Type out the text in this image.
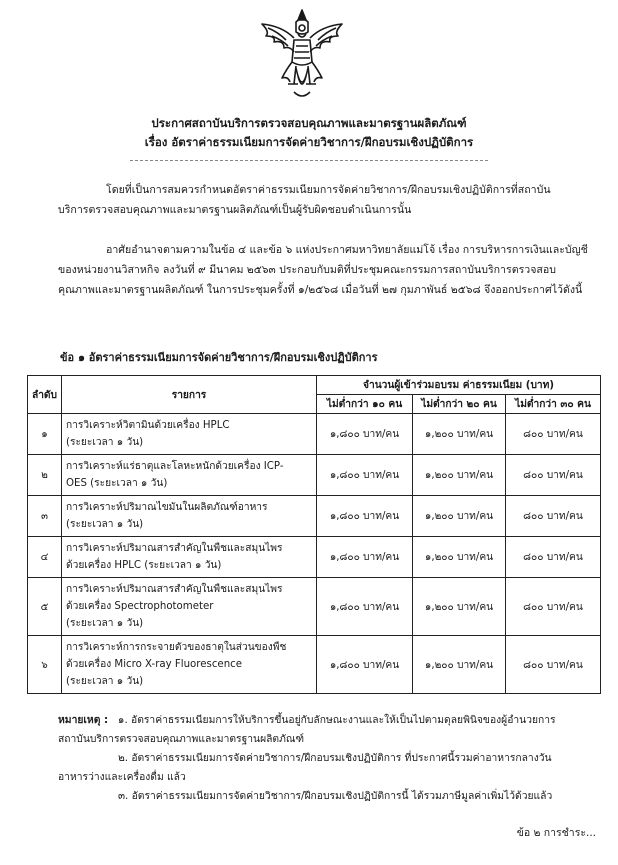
ประกาศสถาบันบริการตรวจสอบคุณภาพและมาตรฐานผลิตภัณฑ์
เรื่อง อัตราค่าธรรมเนียมการจัดค่ายวิชาการ/ฝึกอบรมเชิงปฏิบัติการ
โดยที่เป็นการสมควรกำหนดอัตราค่าธรรมเนียมการจัดค่ายวิชาการ/ฝึกอบรมเชิงปฏิบัติการที่สถาบันบริการตรวจสอบคุณภาพและมาตรฐานผลิตภัณฑ์เป็นผู้รับผิดชอบดำเนินการนั้น
อาศัยอำนาจตามความในข้อ ๔ และข้อ ๖ แห่งประกาศมหาวิทยาลัยแม่โจ้ เรื่อง การบริหารการเงินและบัญชีของหน่วยงานวิสาหกิจ ลงวันที่ ๙ มีนาคม ๒๕๖๓ ประกอบกับมติที่ประชุมคณะกรรมการสถาบันบริการตรวจสอบคุณภาพและมาตรฐานผลิตภัณฑ์ ในการประชุมครั้งที่ ๑/๒๕๖๘ เมื่อวันที่ ๒๗ กุมภาพันธ์ ๒๕๖๘ จึงออกประกาศไว้ดังนี้
ข้อ ๑ อัตราค่าธรรมเนียมการจัดค่ายวิชาการ/ฝึกอบรมเชิงปฏิบัติการ
ลำดับ	รายการ	จำนวนผู้เข้าร่วมอบรม ค่าธรรมเนียม (บาท)		
		ไม่ต่ำกว่า ๑๐ คน	ไม่ต่ำกว่า ๒๐ คน	ไม่ต่ำกว่า ๓๐ คน
๑	การวิเคราะห์วิตามินด้วยเครื่อง HPLC
(ระยะเวลา ๑ วัน)	๑,๘๐๐ บาท/คน	๑,๒๐๐ บาท/คน	๘๐๐ บาท/คน
๒	การวิเคราะห์แร่ธาตุและโลหะหนักด้วยเครื่อง ICP-
OES (ระยะเวลา ๑ วัน)	๑,๘๐๐ บาท/คน	๑,๒๐๐ บาท/คน	๘๐๐ บาท/คน
๓	การวิเคราะห์ปริมาณไขมันในผลิตภัณฑ์อาหาร
(ระยะเวลา ๑ วัน)	๑,๘๐๐ บาท/คน	๑,๒๐๐ บาท/คน	๘๐๐ บาท/คน
๔	การวิเคราะห์ปริมาณสารสำคัญในพืชและสมุนไพร
ด้วยเครื่อง HPLC (ระยะเวลา ๑ วัน)	๑,๘๐๐ บาท/คน	๑,๒๐๐ บาท/คน	๘๐๐ บาท/คน
๕	การวิเคราะห์ปริมาณสารสำคัญในพืชและสมุนไพร
ด้วยเครื่อง Spectrophotometer
(ระยะเวลา ๑ วัน)	๑,๘๐๐ บาท/คน	๑,๒๐๐ บาท/คน	๘๐๐ บาท/คน
๖	การวิเคราะห์การกระจายตัวของธาตุในส่วนของพืช
ด้วยเครื่อง Micro X-ray Fluorescence
(ระยะเวลา ๑ วัน)	๑,๘๐๐ บาท/คน	๑,๒๐๐ บาท/คน	๘๐๐ บาท/คน
หมายเหตุ : ๑. อัตราค่าธรรมเนียมการให้บริการขึ้นอยู่กับลักษณะงานและให้เป็นไปตามดุลยพินิจของผู้อำนวยการ
สถาบันบริการตรวจสอบคุณภาพและมาตรฐานผลิตภัณฑ์
๒. อัตราค่าธรรมเนียมการจัดค่ายวิชาการ/ฝึกอบรมเชิงปฏิบัติการ ที่ประกาศนี้รวมค่าอาหารกลางวัน
อาหารว่างและเครื่องดื่ม แล้ว
๓. อัตราค่าธรรมเนียมการจัดค่ายวิชาการ/ฝึกอบรมเชิงปฏิบัติการนี้ ได้รวมภาษีมูลค่าเพิ่มไว้ด้วยแล้ว
ข้อ ๒ การชำระ...
